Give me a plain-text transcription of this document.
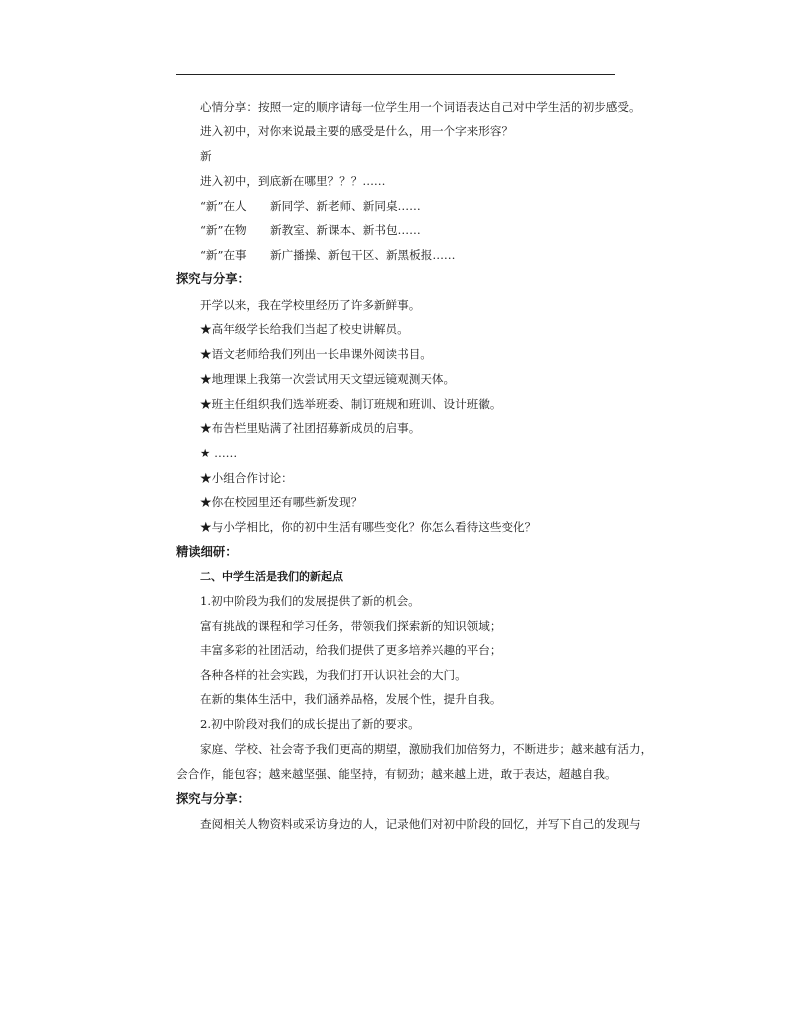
心情分享：按照一定的顺序请每一位学生用一个词语表达自己对中学生活的初步感受。
进入初中，对你来说最主要的感受是什么，用一个字来形容？
新
进入初中，到底新在哪里？？？……
“新”在人	新同学、新老师、新同桌……
“新”在物	新教室、新课本、新书包……
“新”在事	新广播操、新包干区、新黑板报……
探究与分享：
开学以来，我在学校里经历了许多新鲜事。
★高年级学长给我们当起了校史讲解员。
★语文老师给我们列出一长串课外阅读书目。
★地理课上我第一次尝试用天文望远镜观测天体。
★班主任组织我们选举班委、制订班规和班训、设计班徽。
★布告栏里贴满了社团招募新成员的启事。
★ ……
★小组合作讨论：
★你在校园里还有哪些新发现？
★与小学相比，你的初中生活有哪些变化？你怎么看待这些变化？
精读细研：
二、中学生活是我们的新起点
1.初中阶段为我们的发展提供了新的机会。
富有挑战的课程和学习任务，带领我们探索新的知识领域；
丰富多彩的社团活动，给我们提供了更多培养兴趣的平台；
各种各样的社会实践，为我们打开认识社会的大门。
在新的集体生活中，我们涵养品格，发展个性，提升自我。
2.初中阶段对我们的成长提出了新的要求。
家庭、学校、社会寄予我们更高的期望，激励我们加倍努力，不断进步；越来越有活力，
会合作，能包容；越来越坚强、能坚持，有韧劲；越来越上进，敢于表达，超越自我。
探究与分享：
查阅相关人物资料或采访身边的人，记录他们对初中阶段的回忆，并写下自己的发现与
